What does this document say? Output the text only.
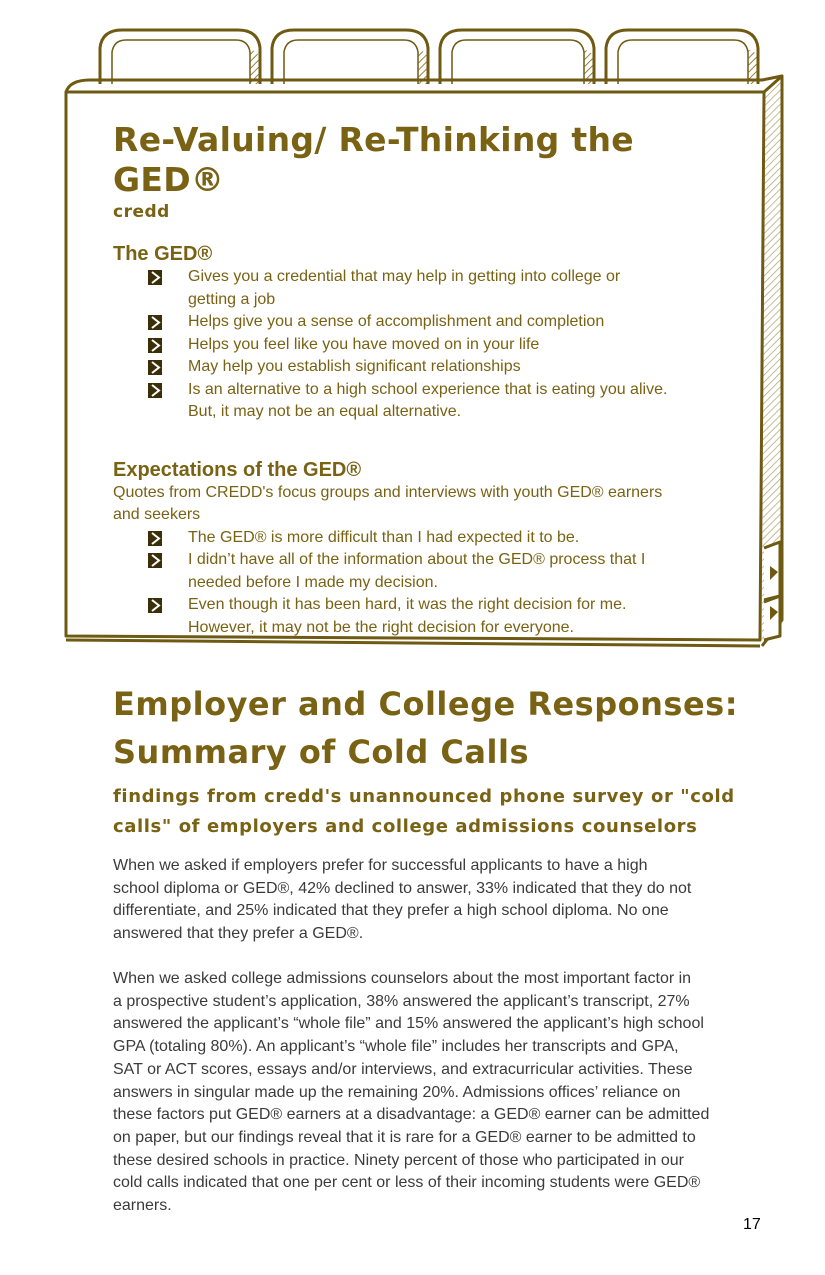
Re-Valuing/ Re-Thinking the GED®
credd
The GED®
Gives you a credential that may help in getting into college or
getting a job
Helps give you a sense of accomplishment and completion
Helps you feel like you have moved on in your life
May help you establish significant relationships
Is an alternative to a high school experience that is eating you alive.
But, it may not be an equal alternative.
Expectations of the GED®
Quotes from CREDD's focus groups and interviews with youth GED® earners
and seekers
The GED® is more difficult than I had expected it to be.
I didn’t have all of the information about the GED® process that I
needed before I made my decision.
Even though it has been hard, it was the right decision for me.
However, it may not be the right decision for everyone.
Employer and College Responses:
Summary of Cold Calls
findings from credd's unannounced phone survey or "cold
calls" of employers and college admissions counselors
When we asked if employers prefer for successful applicants to have a high
school diploma or GED®, 42% declined to answer, 33% indicated that they do not
differentiate, and 25% indicated that they prefer a high school diploma. No one
answered that they prefer a GED®.
When we asked college admissions counselors about the most important factor in
a prospective student’s application, 38% answered the applicant’s transcript, 27%
answered the applicant’s “whole file” and 15% answered the applicant’s high school
GPA (totaling 80%). An applicant’s “whole file” includes her transcripts and GPA,
SAT or ACT scores, essays and/or interviews, and extracurricular activities. These
answers in singular made up the remaining 20%. Admissions offices’ reliance on
these factors put GED® earners at a disadvantage: a GED® earner can be admitted
on paper, but our findings reveal that it is rare for a GED® earner to be admitted to
these desired schools in practice. Ninety percent of those who participated in our
cold calls indicated that one per cent or less of their incoming students were GED®
earners.
17
